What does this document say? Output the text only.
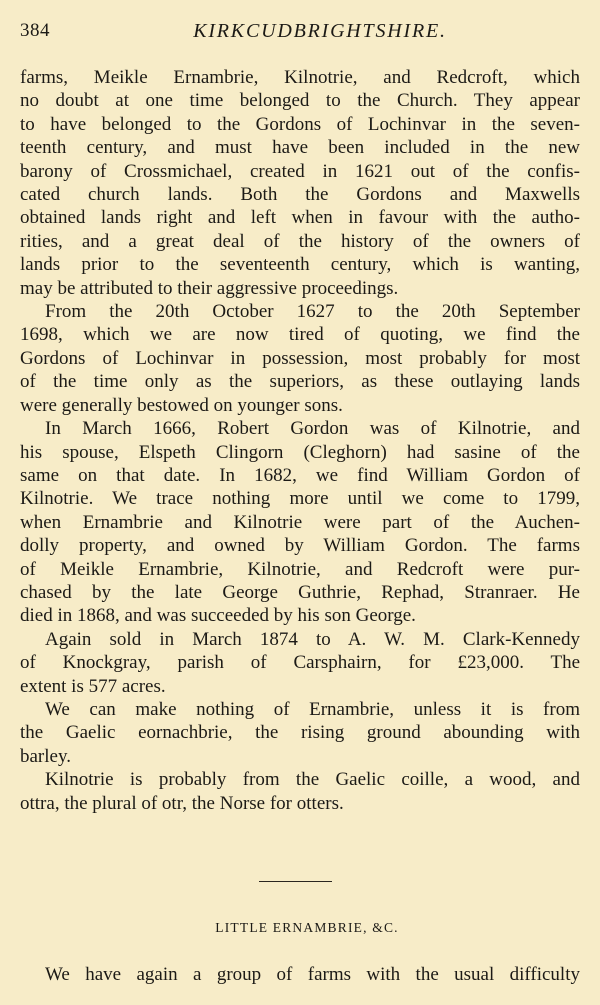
384	KIRKCUDBRIGHTSHIRE.

farms, Meikle Ernambrie, Kilnotrie, and Redcroft, which
no doubt at one time belonged to the Church. They appear
to have belonged to the Gordons of Lochinvar in the seven-
teenth century, and must have been included in the new
barony of Crossmichael, created in 1621 out of the confis-
cated church lands. Both the Gordons and Maxwells
obtained lands right and left when in favour with the autho-
rities, and a great deal of the history of the owners of
lands prior to the seventeenth century, which is wanting,
may be attributed to their aggressive proceedings.

From the 20th October 1627 to the 20th September
1698, which we are now tired of quoting, we find the
Gordons of Lochinvar in possession, most probably for most
of the time only as the superiors, as these outlaying lands
were generally bestowed on younger sons.

In March 1666, Robert Gordon was of Kilnotrie, and
his spouse, Elspeth Clingorn (Cleghorn) had sasine of the
same on that date. In 1682, we find William Gordon of
Kilnotrie. We trace nothing more until we come to 1799,
when Ernambrie and Kilnotrie were part of the Auchen-
dolly property, and owned by William Gordon. The farms
of Meikle Ernambrie, Kilnotrie, and Redcroft were pur-
chased by the late George Guthrie, Rephad, Stranraer. He
died in 1868, and was succeeded by his son George.

Again sold in March 1874 to A. W. M. Clark-Kennedy
of Knockgray, parish of Carsphairn, for £23,000. The
extent is 577 acres.

We can make nothing of Ernambrie, unless it is from
the Gaelic eornachbrie, the rising ground abounding with
barley.

Kilnotrie is probably from the Gaelic coille, a wood, and
ottra, the plural of otr, the Norse for otters.

LITTLE ERNAMBRIE, &C.
We have again a group of farms with the usual difficulty
